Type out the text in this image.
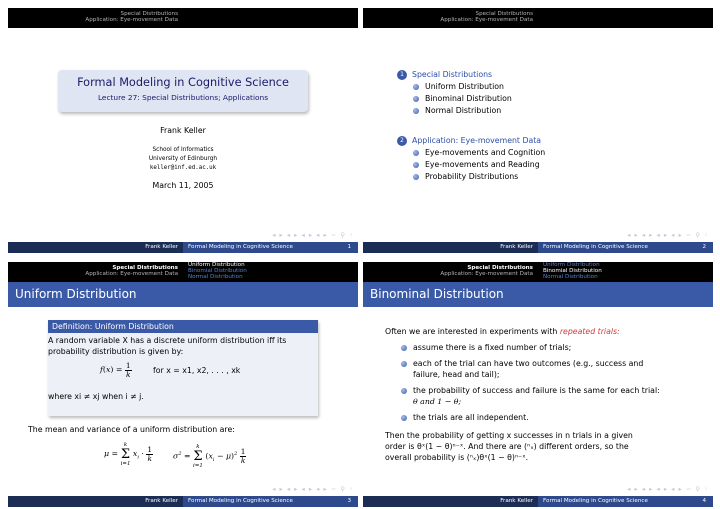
Special Distributions
Application: Eye-movement Data
Formal Modeling in Cognitive Science
Lecture 27: Special Distributions; Applications
Frank Keller
School of Informatics
University of Edinburgh
keller@inf.ed.ac.uk
March 11, 2005
◂ ▸ ◂ ▸ ◂ ▸ ◂ ▸ ∽ ⚲ ◦
Frank Keller	Formal Modeling in Cognitive Science	1
Special Distributions
Application: Eye-movement Data
1 Special Distributions
Uniform Distribution
Binominal Distribution
Normal Distribution
2 Application: Eye-movement Data
Eye-movements and Cognition
Eye-movements and Reading
Probability Distributions
◂ ▸ ◂ ▸ ◂ ▸ ◂ ▸ ∽ ⚲ ◦
Frank Keller	Formal Modeling in Cognitive Science	2
Special Distributions
Application: Eye-movement Data
Uniform Distribution
Binomial Distribution
Normal Distribution
Uniform Distribution
Definition: Uniform Distribution
A random variable X has a discrete uniform distribution iff its
probability distribution is given by:
$f(x) = \frac{1}{k}$	for x = x1, x2, . . . , xk
where xi ≠ xj when i ≠ j.
The mean and variance of a uniform distribution are:
μ = k
Σ
i=1 $x_i \cdot \frac{1}{k}$	$\sigma^2 = k$
Σ
i=1 $(x_i - \mu)^2 \frac{1}{k}$
◂ ▸ ◂ ▸ ◂ ▸ ◂ ▸ ∽ ⚲ ◦
Frank Keller	Formal Modeling in Cognitive Science	3
Special Distributions
Application: Eye-movement Data
Uniform Distribution
Binomial Distribution
Normal Distribution
Binominal Distribution
Often we are interested in experiments with repeated trials:
assume there is a fixed number of trials;
each of the trial can have two outcomes (e.g., success and
failure, head and tail);
the probability of success and failure is the same for each trial:
θ and 1 − θ;
the trials are all independent.
Then the probability of getting x successes in n trials in a given
order is θˣ(1 − θ)ⁿ⁻ˣ. And there are (ⁿₓ) different orders, so the
overall probability is (ⁿₓ)θˣ(1 − θ)ⁿ⁻ˣ.
◂ ▸ ◂ ▸ ◂ ▸ ◂ ▸ ∽ ⚲ ◦
Frank Keller	Formal Modeling in Cognitive Science	4
